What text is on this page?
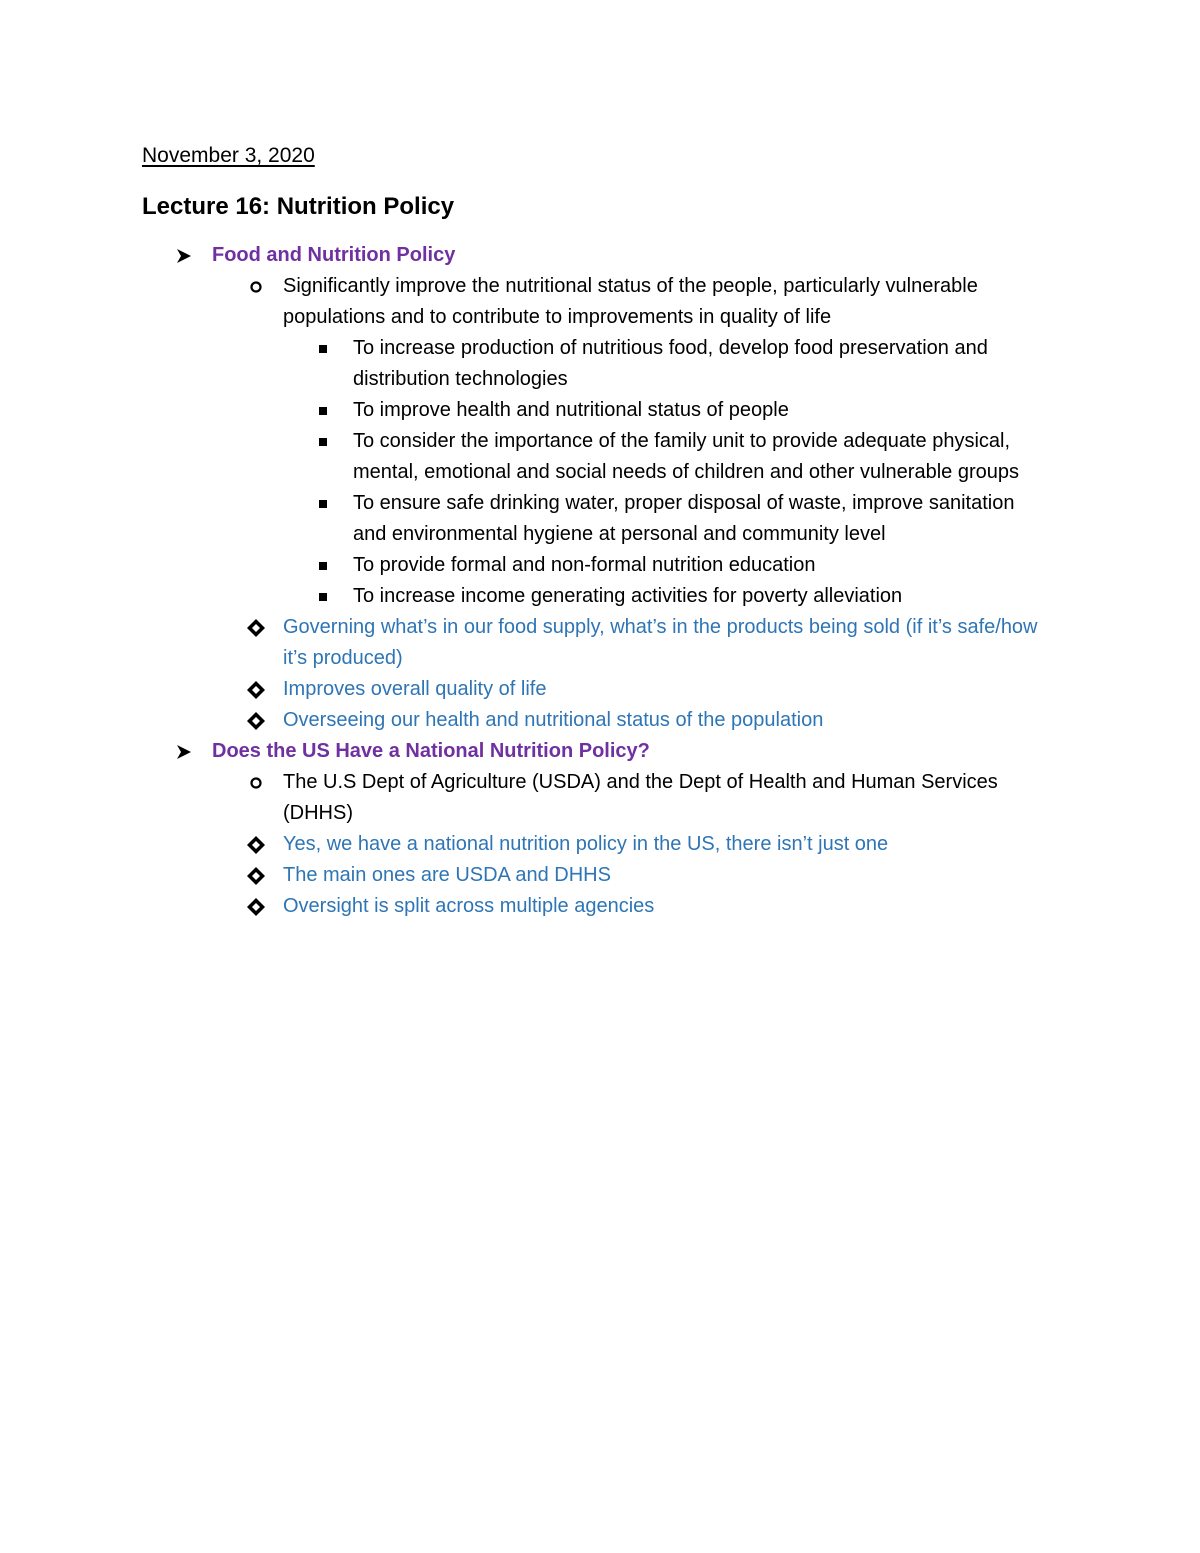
November 3, 2020
Lecture 16: Nutrition Policy
Food and Nutrition Policy
Significantly improve the nutritional status of the people, particularly vulnerable populations and to contribute to improvements in quality of life
To increase production of nutritious food, develop food preservation and distribution technologies
To improve health and nutritional status of people
To consider the importance of the family unit to provide adequate physical, mental, emotional and social needs of children and other vulnerable groups
To ensure safe drinking water, proper disposal of waste, improve sanitation and environmental hygiene at personal and community level
To provide formal and non-formal nutrition education
To increase income generating activities for poverty alleviation
Governing what’s in our food supply, what’s in the products being sold (if it’s safe/how it’s produced)
Improves overall quality of life
Overseeing our health and nutritional status of the population
Does the US Have a National Nutrition Policy?
The U.S Dept of Agriculture (USDA) and the Dept of Health and Human Services (DHHS)
Yes, we have a national nutrition policy in the US, there isn’t just one
The main ones are USDA and DHHS
Oversight is split across multiple agencies
